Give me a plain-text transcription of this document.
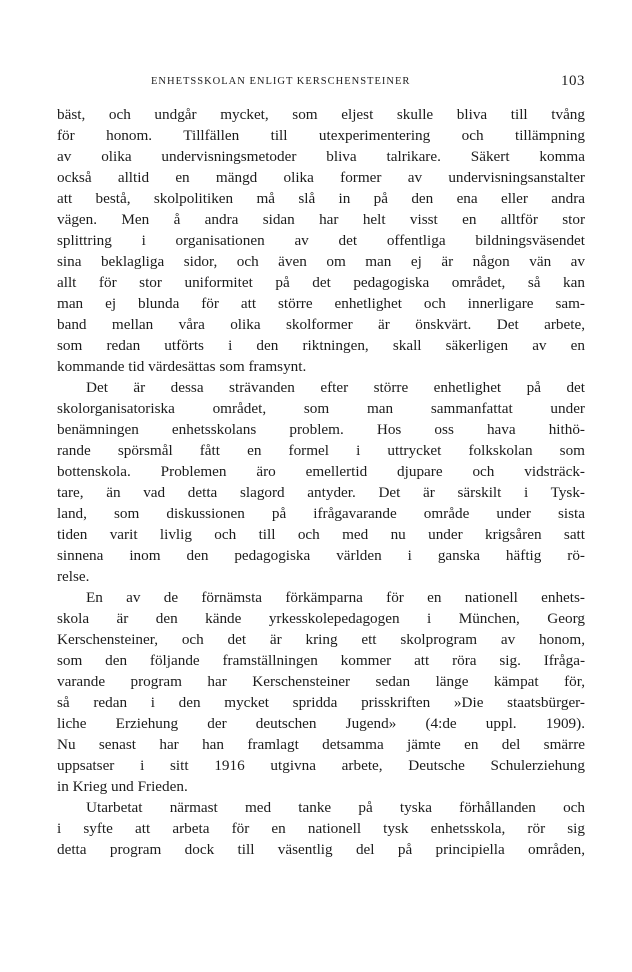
ENHETSSKOLAN ENLIGT KERSCHENSTEINER	103
bäst, och undgår mycket, som eljest skulle bliva till tvång
för honom. Tillfällen till utexperimentering och tillämpning
av olika undervisningsmetoder bliva talrikare. Säkert komma
också alltid en mängd olika former av undervisningsanstalter
att bestå, skolpolitiken må slå in på den ena eller andra
vägen. Men å andra sidan har helt visst en alltför stor
splittring i organisationen av det offentliga bildningsväsendet
sina beklagliga sidor, och även om man ej är någon vän av
allt för stor uniformitet på det pedagogiska området, så kan
man ej blunda för att större enhetlighet och innerligare sam-
band mellan våra olika skolformer är önskvärt. Det arbete,
som redan utförts i den riktningen, skall säkerligen av en
kommande tid värdesättas som framsynt.
Det är dessa strävanden efter större enhetlighet på det
skolorganisatoriska området, som man sammanfattat under
benämningen enhetsskolans problem. Hos oss hava hithö-
rande spörsmål fått en formel i uttrycket folkskolan som
bottenskola. Problemen äro emellertid djupare och vidsträck-
tare, än vad detta slagord antyder. Det är särskilt i Tysk-
land, som diskussionen på ifrågavarande område under sista
tiden varit livlig och till och med nu under krigsåren satt
sinnena inom den pedagogiska världen i ganska häftig rö-
relse.
En av de förnämsta förkämparna för en nationell enhets-
skola är den kände yrkesskolepedagogen i München, Georg
Kerschensteiner, och det är kring ett skolprogram av honom,
som den följande framställningen kommer att röra sig. Ifråga-
varande program har Kerschensteiner sedan länge kämpat för,
så redan i den mycket spridda prisskriften »Die staatsbürger-
liche Erziehung der deutschen Jugend» (4:de uppl. 1909).
Nu senast har han framlagt detsamma jämte en del smärre
uppsatser i sitt 1916 utgivna arbete, Deutsche Schulerziehung
in Krieg und Frieden.
Utarbetat närmast med tanke på tyska förhållanden och
i syfte att arbeta för en nationell tysk enhetsskola, rör sig
detta program dock till väsentlig del på principiella områden,
